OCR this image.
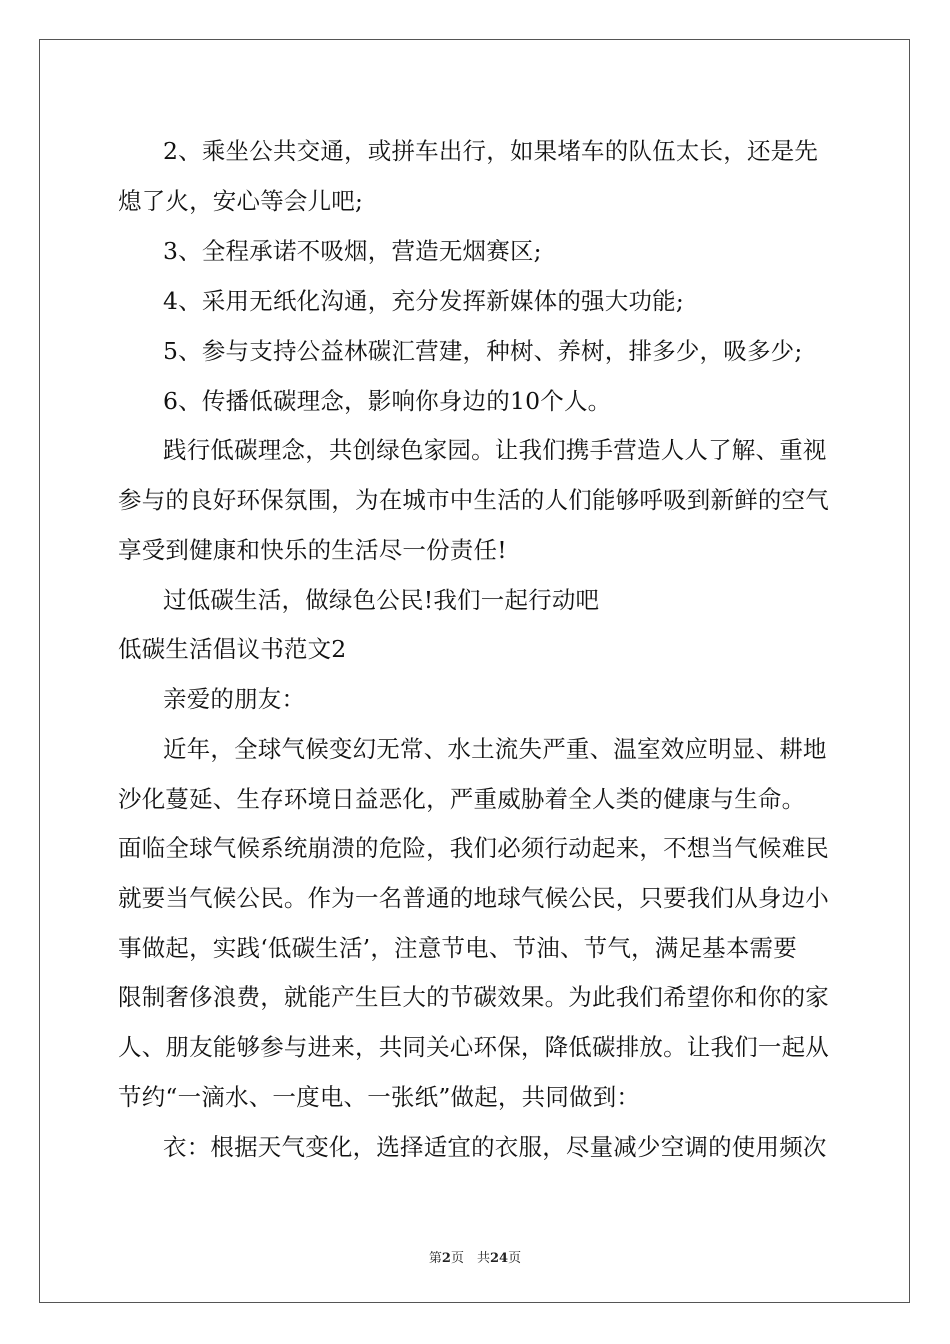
2、乘坐公共交通，或拼车出行，如果堵车的队伍太长，还是先
熄了火，安心等会儿吧;
3、全程承诺不吸烟，营造无烟赛区;
4、采用无纸化沟通，充分发挥新媒体的强大功能;
5、参与支持公益林碳汇营建，种树、养树，排多少，吸多少;
6、传播低碳理念，影响你身边的10个人。
践行低碳理念，共创绿色家园。让我们携手营造人人了解、重视
参与的良好环保氛围，为在城市中生活的人们能够呼吸到新鲜的空气
享受到健康和快乐的生活尽一份责任!
过低碳生活，做绿色公民!我们一起行动吧
低碳生活倡议书范文2
亲爱的朋友：
近年，全球气候变幻无常、水土流失严重、温室效应明显、耕地
沙化蔓延、生存环境日益恶化，严重威胁着全人类的健康与生命。
面临全球气候系统崩溃的危险，我们必须行动起来，不想当气候难民
就要当气候公民。作为一名普通的地球气候公民，只要我们从身边小
事做起，实践‘低碳生活’，注意节电、节油、节气，满足基本需要
限制奢侈浪费，就能产生巨大的节碳效果。为此我们希望你和你的家
人、朋友能够参与进来，共同关心环保，降低碳排放。让我们一起从
节约“一滴水、一度电、一张纸”做起，共同做到：
衣：根据天气变化，选择适宜的衣服，尽量减少空调的使用频次
第2页　共24页
